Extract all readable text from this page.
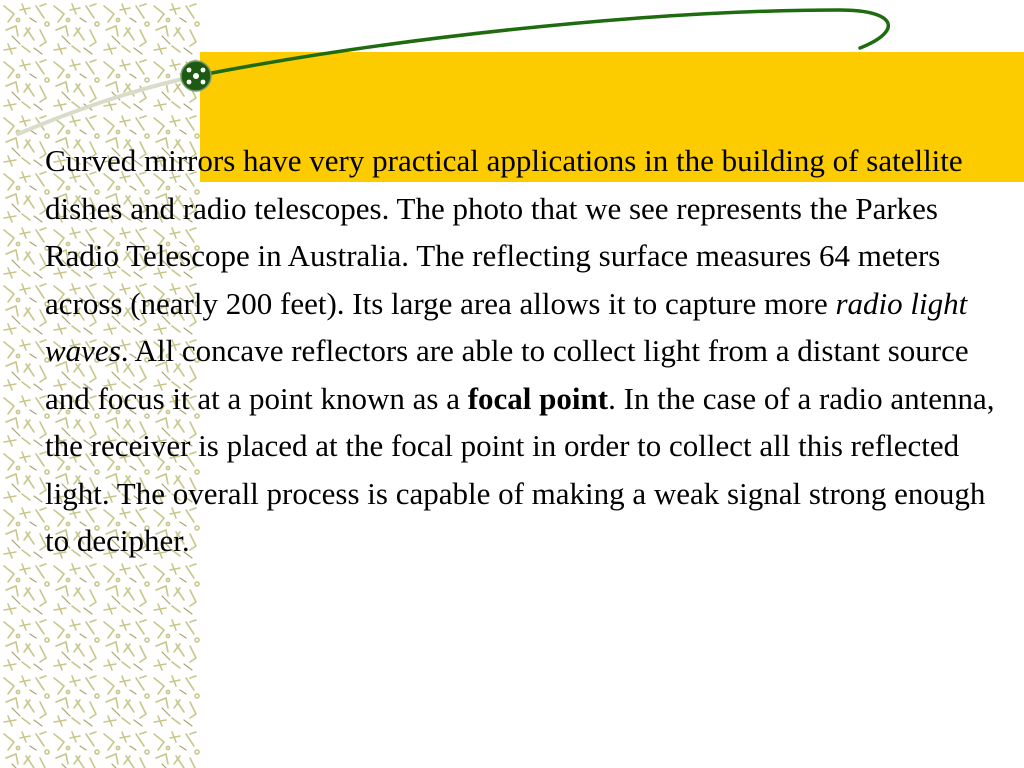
Curved mirrors have very practical applications in the building of satellite dishes and radio telescopes. The photo that we see represents the Parkes Radio Telescope in Australia. The reflecting surface measures 64 meters across (nearly 200 feet). Its large area allows it to capture more radio light waves. All concave reflectors are able to collect light from a distant source and focus it at a point known as a focal point. In the case of a radio antenna, the receiver is placed at the focal point in order to collect all this reflected light. The overall process is capable of making a weak signal strong enough to decipher.
